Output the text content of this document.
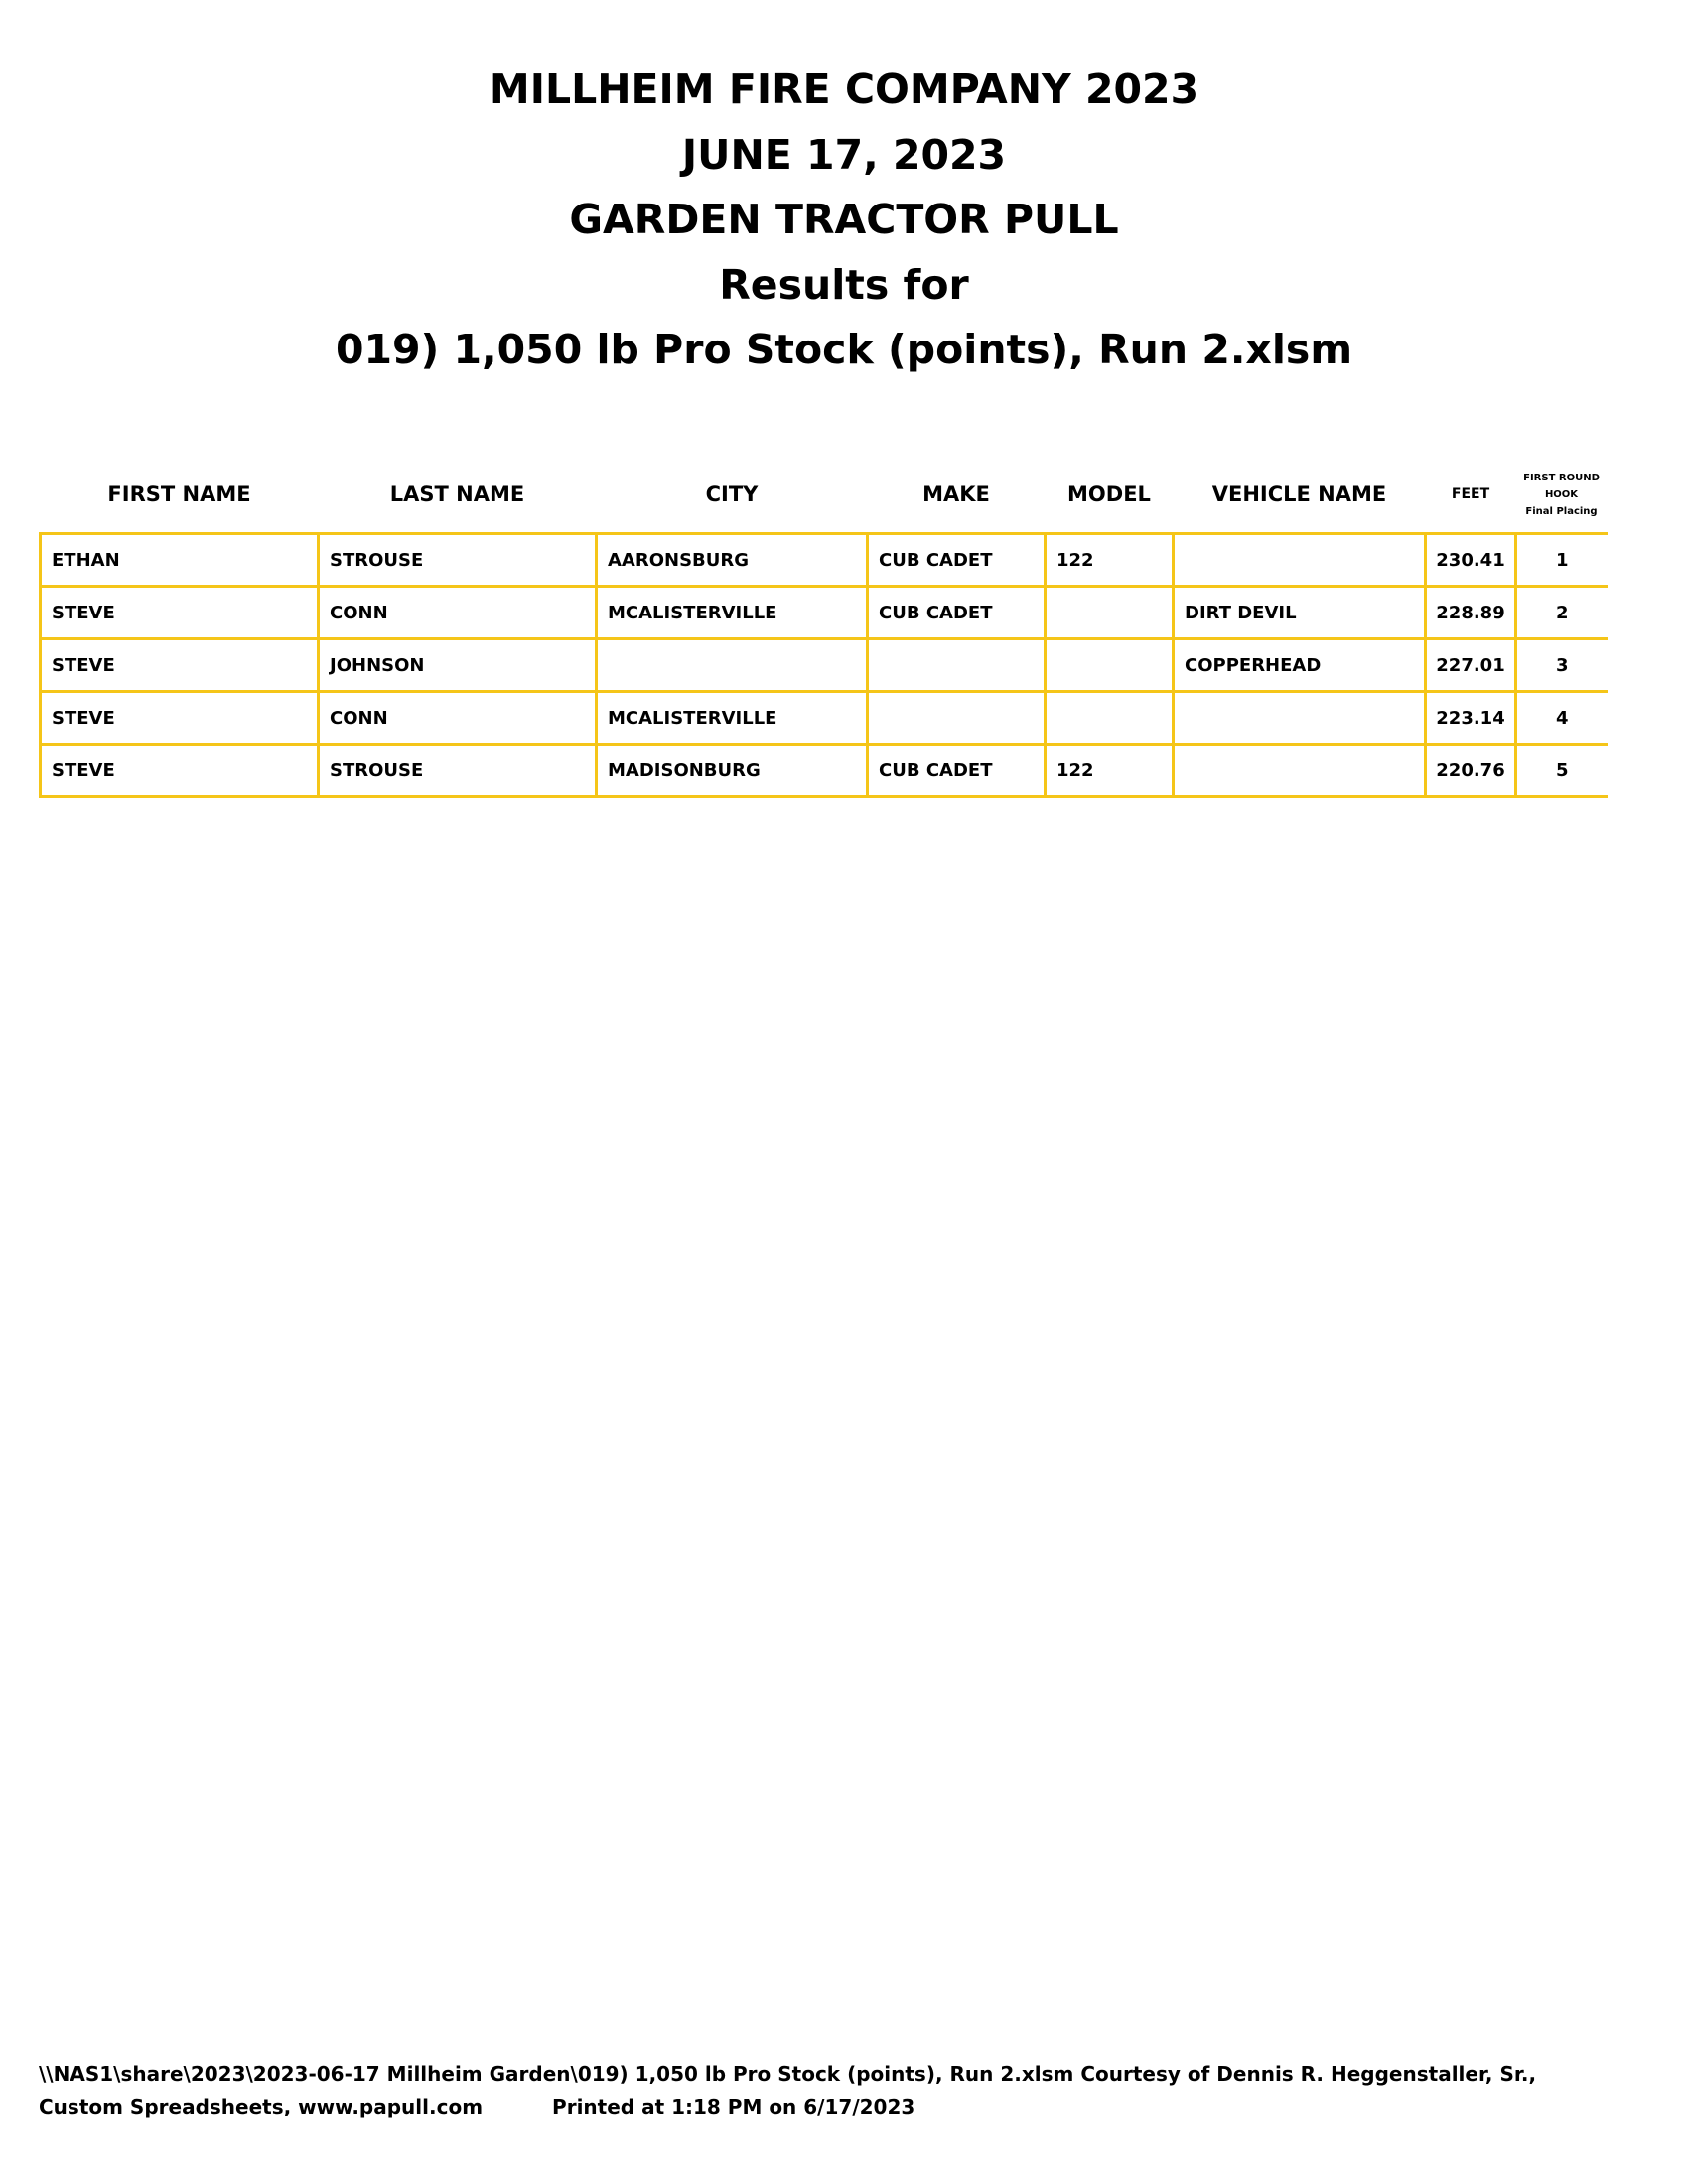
MILLHEIM FIRE COMPANY 2023
JUNE 17, 2023
GARDEN TRACTOR PULL
Results for
019) 1,050 lb Pro Stock (points), Run 2.xlsm
FIRST NAME	LAST NAME	CITY	MAKE	MODEL	VEHICLE NAME	FEET	FIRST ROUND
HOOK
Final Placing

ETHAN	STROUSE	AARONSBURG	CUB CADET	122		230.41	1
STEVE	CONN	MCALISTERVILLE	CUB CADET		DIRT DEVIL	228.89	2
STEVE	JOHNSON				COPPERHEAD	227.01	3
STEVE	CONN	MCALISTERVILLE				223.14	4
STEVE	STROUSE	MADISONBURG	CUB CADET	122		220.76	5
\\NAS1\share\2023\2023-06-17 Millheim Garden\019) 1,050 lb Pro Stock (points), Run 2.xlsm Courtesy of Dennis R. Heggenstaller, Sr.,
Custom Spreadsheets, www.papull.com	Printed at 1:18 PM on 6/17/2023
